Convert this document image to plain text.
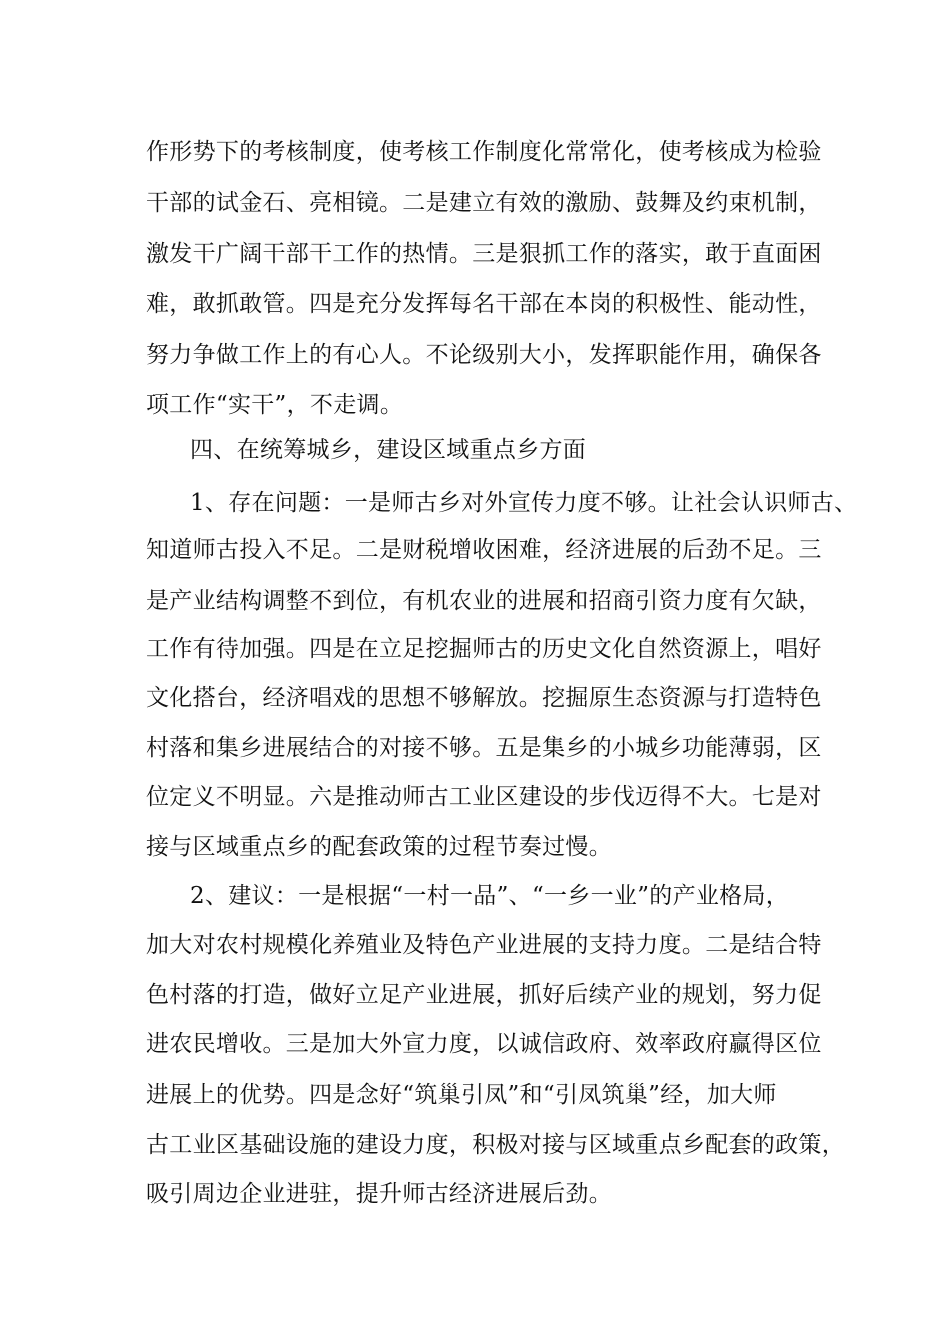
作形势下的考核制度，使考核工作制度化常常化，使考核成为检验

干部的试金石、亮相镜。二是建立有效的激励、鼓舞及约束机制，

激发干广阔干部干工作的热情。三是狠抓工作的落实，敢于直面困

难，敢抓敢管。四是充分发挥每名干部在本岗的积极性、能动性，

努力争做工作上的有心人。不论级别大小，发挥职能作用，确保各

项工作“实干”，不走调。

四、在统筹城乡，建设区域重点乡方面

1、存在问题：一是师古乡对外宣传力度不够。让社会认识师古、

知道师古投入不足。二是财税增收困难，经济进展的后劲不足。三

是产业结构调整不到位，有机农业的进展和招商引资力度有欠缺，

工作有待加强。四是在立足挖掘师古的历史文化自然资源上，唱好

文化搭台，经济唱戏的思想不够解放。挖掘原生态资源与打造特色

村落和集乡进展结合的对接不够。五是集乡的小城乡功能薄弱，区

位定义不明显。六是推动师古工业区建设的步伐迈得不大。七是对

接与区域重点乡的配套政策的过程节奏过慢。

2、建议：一是根据“一村一品”、“一乡一业”的产业格局，

加大对农村规模化养殖业及特色产业进展的支持力度。二是结合特

色村落的打造，做好立足产业进展，抓好后续产业的规划，努力促

进农民增收。三是加大外宣力度，以诚信政府、效率政府赢得区位

进展上的优势。四是念好“筑巢引凤”和“引凤筑巢”经，加大师

古工业区基础设施的建设力度，积极对接与区域重点乡配套的政策，

吸引周边企业进驻，提升师古经济进展后劲。
